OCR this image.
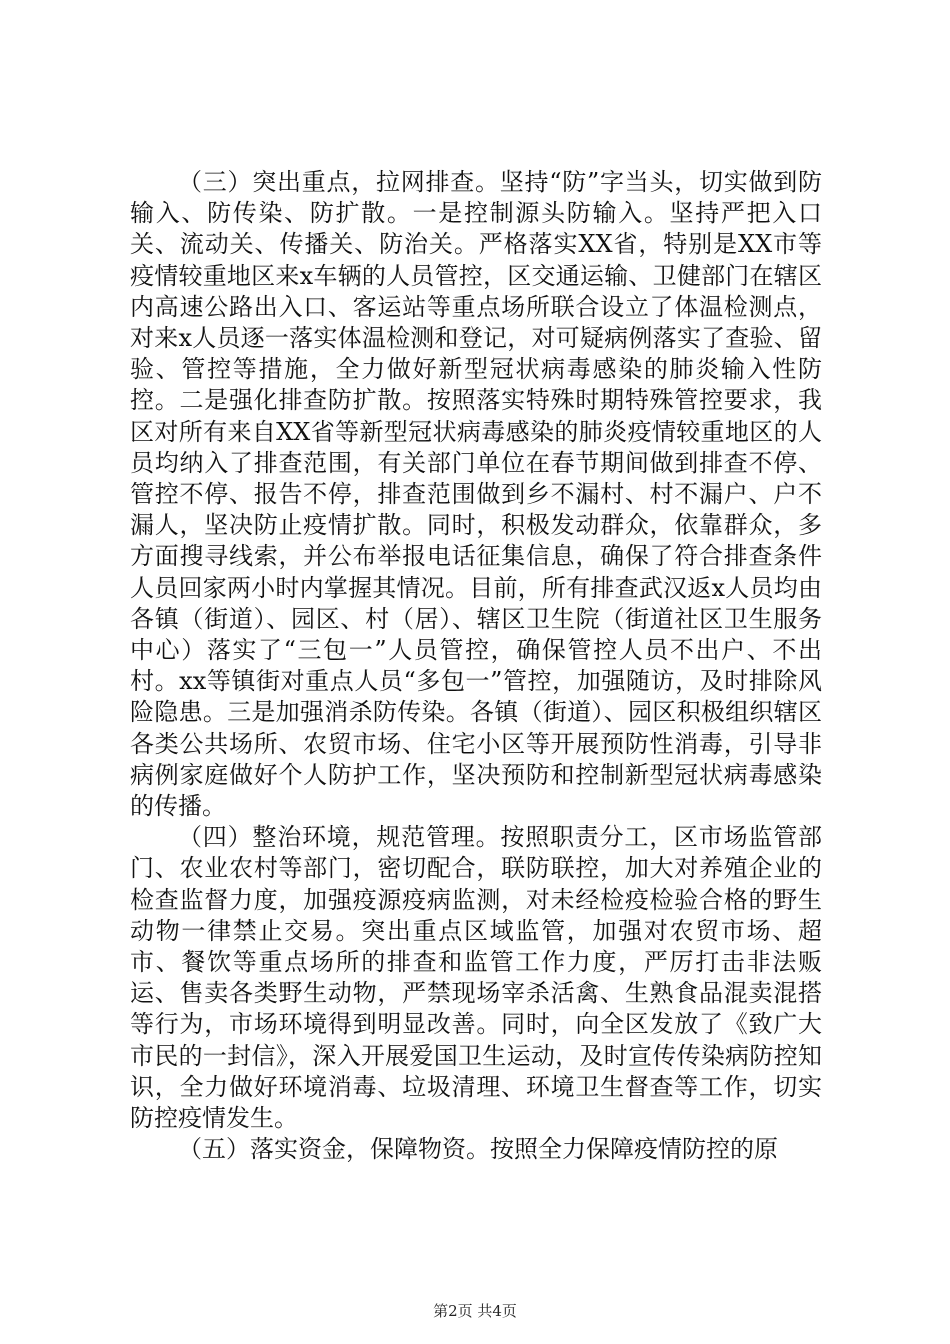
（三）突出重点，拉网排查。坚持“防”字当头，切实做到防输入、防传染、防扩散。一是控制源头防输入。坚持严把入口关、流动关、传播关、防治关。严格落实XX省，特别是XX市等疫情较重地区来x车辆的人员管控，区交通运输、卫健部门在辖区内高速公路出入口、客运站等重点场所联合设立了体温检测点，对来x人员逐一落实体温检测和登记，对可疑病例落实了查验、留验、管控等措施，全力做好新型冠状病毒感染的肺炎输入性防控。二是强化排查防扩散。按照落实特殊时期特殊管控要求，我区对所有来自XX省等新型冠状病毒感染的肺炎疫情较重地区的人员均纳入了排查范围，有关部门单位在春节期间做到排查不停、管控不停、报告不停，排查范围做到乡不漏村、村不漏户、户不漏人，坚决防止疫情扩散。同时，积极发动群众，依靠群众，多方面搜寻线索，并公布举报电话征集信息，确保了符合排查条件人员回家两小时内掌握其情况。目前，所有排查武汉返x人员均由各镇（街道）、园区、村（居）、辖区卫生院（街道社区卫生服务中心）落实了“三包一”人员管控，确保管控人员不出户、不出村。xx等镇街对重点人员“多包一”管控，加强随访，及时排除风险隐患。三是加强消杀防传染。各镇（街道）、园区积极组织辖区各类公共场所、农贸市场、住宅小区等开展预防性消毒，引导非病例家庭做好个人防护工作，坚决预防和控制新型冠状病毒感染的传播。

（四）整治环境，规范管理。按照职责分工，区市场监管部门、农业农村等部门，密切配合，联防联控，加大对养殖企业的检查监督力度，加强疫源疫病监测，对未经检疫检验合格的野生动物一律禁止交易。突出重点区域监管，加强对农贸市场、超市、餐饮等重点场所的排查和监管工作力度，严厉打击非法贩运、售卖各类野生动物，严禁现场宰杀活禽、生熟食品混卖混搭等行为，市场环境得到明显改善。同时，向全区发放了《致广大市民的一封信》，深入开展爱国卫生运动，及时宣传传染病防控知识，全力做好环境消毒、垃圾清理、环境卫生督查等工作，切实防控疫情发生。

（五）落实资金，保障物资。按照全力保障疫情防控的原

第2页 共4页
